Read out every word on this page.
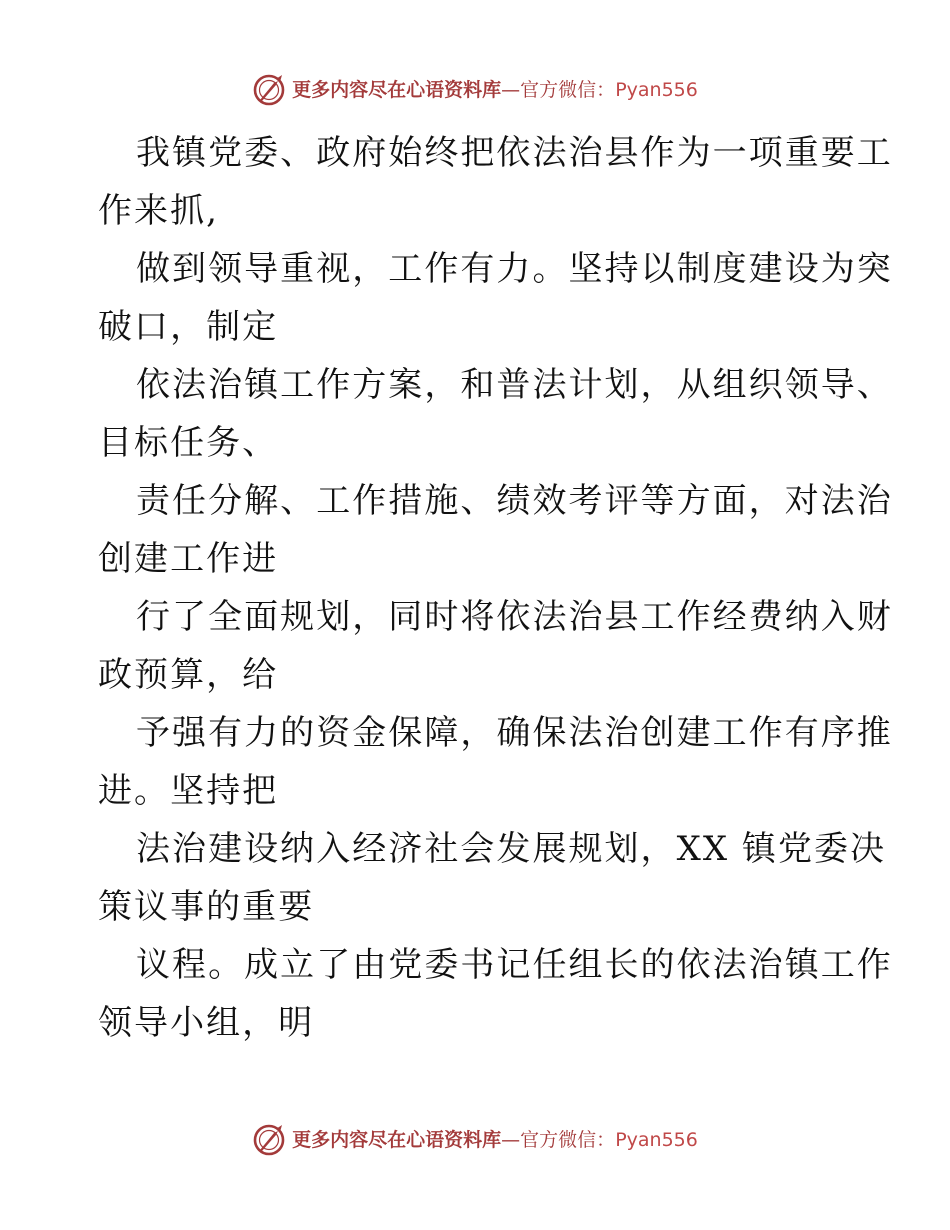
更多内容尽在心语资料库 — 官方微信： Pyan556
我镇党委、政府始终把依法治县作为一项重要工
作来抓,
做到领导重视，工作有力。坚持以制度建设为突
破口，制定
依法治镇工作方案，和普法计划，从组织领导、
目标任务、
责任分解、工作措施、绩效考评等方面，对法治
创建工作进
行了全面规划，同时将依法治县工作经费纳入财
政预算，给
予强有力的资金保障，确保法治创建工作有序推
进。坚持把
法治建设纳入经济社会发展规划，XX 镇党委决
策议事的重要
议程。成立了由党委书记任组长的依法治镇工作
领导小组，明
更多内容尽在心语资料库 — 官方微信： Pyan556
